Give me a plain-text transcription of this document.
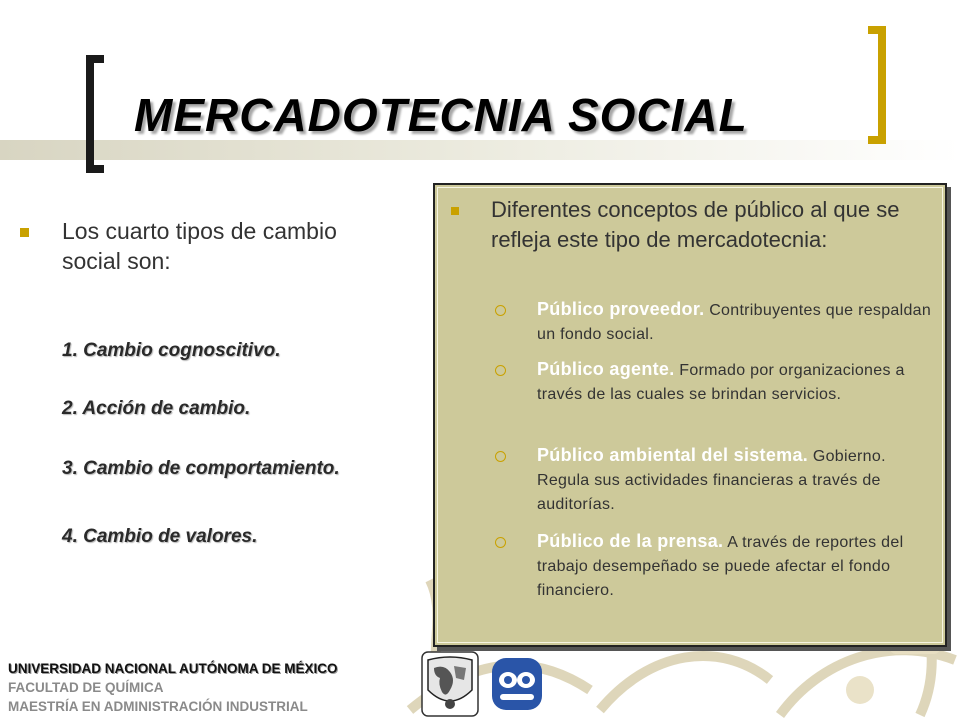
MERCADOTECNIA SOCIAL
Los cuarto tipos de cambio social son:
1. Cambio cognoscitivo.
2. Acción de cambio.
3. Cambio de comportamiento.
4. Cambio de valores.
Diferentes conceptos de público al que se refleja este tipo de mercadotecnia:
Público proveedor. Contribuyentes que respaldan un fondo social.
Público agente. Formado por organizaciones a través de las cuales se brindan servicios.
Público ambiental del sistema. Gobierno. Regula sus actividades financieras a través de auditorías.
Público de la prensa. A través de reportes del trabajo desempeñado se puede afectar el fondo financiero.
UNIVERSIDAD NACIONAL AUTÓNOMA DE MÉXICO
FACULTAD DE QUÍMICA
MAESTRÍA EN ADMINISTRACIÓN INDUSTRIAL
